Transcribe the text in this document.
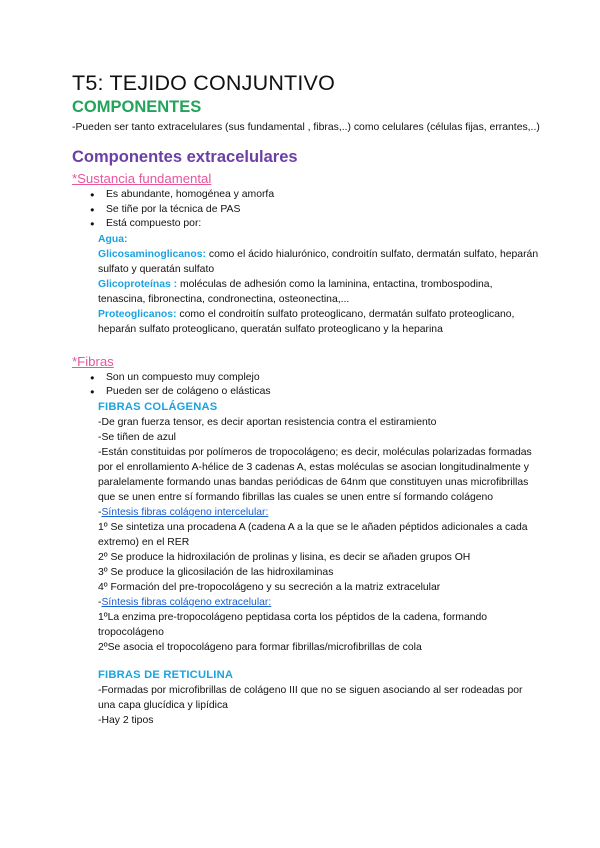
T5: TEJIDO CONJUNTIVO
COMPONENTES

-Pueden ser tanto extracelulares (sus fundamental , fibras,..) como celulares (células fijas, errantes,..)

Componentes extracelulares
*Sustancia fundamental
● Es abundante, homogénea y amorfa
● Se tiñe por la técnica de PAS
● Está compuesto por:

Agua:

Glicosaminoglicanos: como el ácido hialurónico, condroitín sulfato, dermatán sulfato, heparán sulfato y queratán sulfato

Glicoproteínas : moléculas de adhesión como la laminina, entactina, trombospodina, tenascina, fibronectina, condronectina, osteonectina,...

Proteoglicanos: como el condroitín sulfato proteoglicano, dermatán sulfato proteoglicano, heparán sulfato proteoglicano, queratán sulfato proteoglicano y la heparina

*Fibras
● Son un compuesto muy complejo
● Pueden ser de colágeno o elásticas
FIBRAS COLÁGENAS

-De gran fuerza tensor, es decir aportan resistencia contra el estiramiento

-Se tiñen de azul

-Están constituidas por polímeros de tropocolágeno; es decir, moléculas polarizadas formadas por el enrollamiento A-hélice de 3 cadenas A, estas moléculas se asocian longitudinalmente y paralelamente formando unas bandas periódicas de 64nm que constituyen unas microfibrillas que se unen entre sí formando fibrillas las cuales se unen entre sí formando colágeno

-Síntesis fibras colágeno intercelular:

1º Se sintetiza una procadena A (cadena A a la que se le añaden péptidos adicionales a cada extremo) en el RER

2º Se produce la hidroxilación de prolinas y lisina, es decir se añaden grupos OH

3º Se produce la glicosilación de las hidroxilaminas

4º Formación del pre-tropocolágeno y su secreción a la matriz extracelular

-Síntesis fibras colágeno extracelular:

1ºLa enzima pre-tropocolágeno peptidasa corta los péptidos de la cadena, formando tropocolágeno

2ºSe asocia el tropocolágeno para formar fibrillas/microfibrillas de cola

FIBRAS DE RETICULINA

-Formadas por microfibrillas de colágeno III que no se siguen asociando al ser rodeadas por una capa glucídica y lipídica

-Hay 2 tipos
